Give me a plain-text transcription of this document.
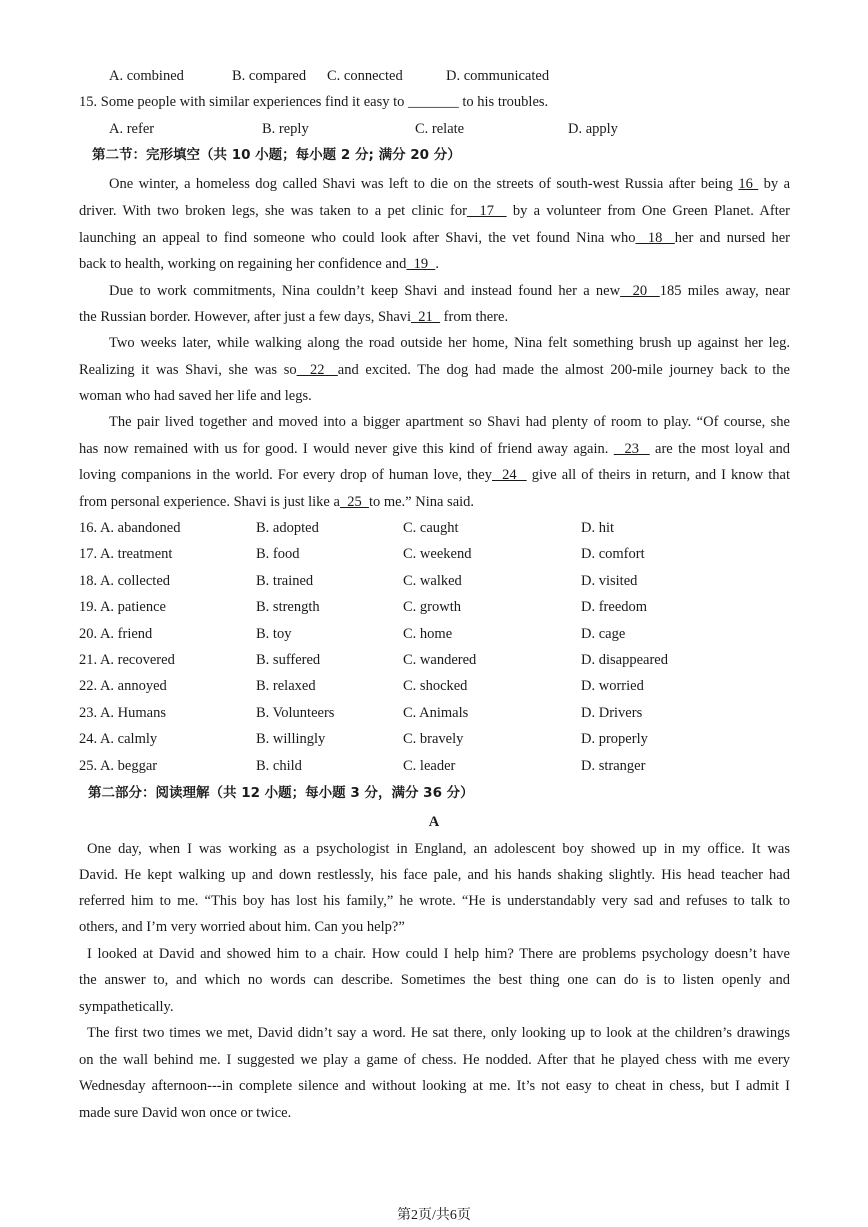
A. combined	B. compared C. connected	D. communicated
15. Some people with similar experiences find it easy to _______ to his troubles.
A. refer	B. reply	C. relate	D. apply
第二节：完形填空（共 10 小题；每小题 2 分; 满分 20 分）
One winter, a homeless dog called Shavi was left to die on the streets of south-west Russia after being 16  by a
driver. With two broken legs, she was taken to a pet clinic for  17   by a volunteer from One Green Planet. After
launching an appeal to find someone who could look after Shavi, the vet found Nina who  18  her and nursed her
back to health, working on regaining her confidence and  19  .
Due to work commitments, Nina couldn’t keep Shavi and instead found her a new  20  185 miles away, near
the Russian border. However, after just a few days, Shavi  21   from there.
Two weeks later, while walking along the road outside her home, Nina felt something brush up against her leg.
Realizing it was Shavi, she was so  22  and excited. The dog had made the almost 200-mile journey back to the
woman who had saved her life and legs.
The pair lived together and moved into a bigger apartment so Shavi had plenty of room to play. “Of course, she
has now remained with us for good. I would never give this kind of friend away again.   23   are the most loyal and
loving companions in the world. For every drop of human love, they  24   give all of theirs in return, and I know that
from personal experience. Shavi is just like a  25  to me.” Nina said.
16. A. abandoned	B. adopted	C. caught	D. hit
17. A. treatment	B. food	C. weekend	D. comfort
18. A. collected	B. trained	C. walked	D. visited
19. A. patience	B. strength	C. growth	D. freedom
20. A. friend	B. toy	C. home	D. cage
21. A. recovered	B. suffered	C. wandered	D. disappeared
22. A. annoyed	B. relaxed	C. shocked	D. worried
23. A. Humans	B. Volunteers	C. Animals	D. Drivers
24. A. calmly	B. willingly	C. bravely	D. properly
25. A. beggar	B. child	C. leader	D. stranger
第二部分：阅读理解（共 12 小题；每小题 3 分，满分 36 分）
A
One day, when I was working as a psychologist in England, an adolescent boy showed up in my office. It was
David. He kept walking up and down restlessly, his face pale, and his hands shaking slightly. His head teacher had
referred him to me. “This boy has lost his family,” he wrote. “He is understandably very sad and refuses to talk to
others, and I’m very worried about him. Can you help?”
I looked at David and showed him to a chair. How could I help him? There are problems psychology doesn’t have
the answer to, and which no words can describe. Sometimes the best thing one can do is to listen openly and
sympathetically.
The first two times we met, David didn’t say a word. He sat there, only looking up to look at the children’s drawings
on the wall behind me. I suggested we play a game of chess. He nodded. After that he played chess with me every
Wednesday afternoon---in complete silence and without looking at me. It’s not easy to cheat in chess, but I admit I
made sure David won once or twice.
第2页/共6页
